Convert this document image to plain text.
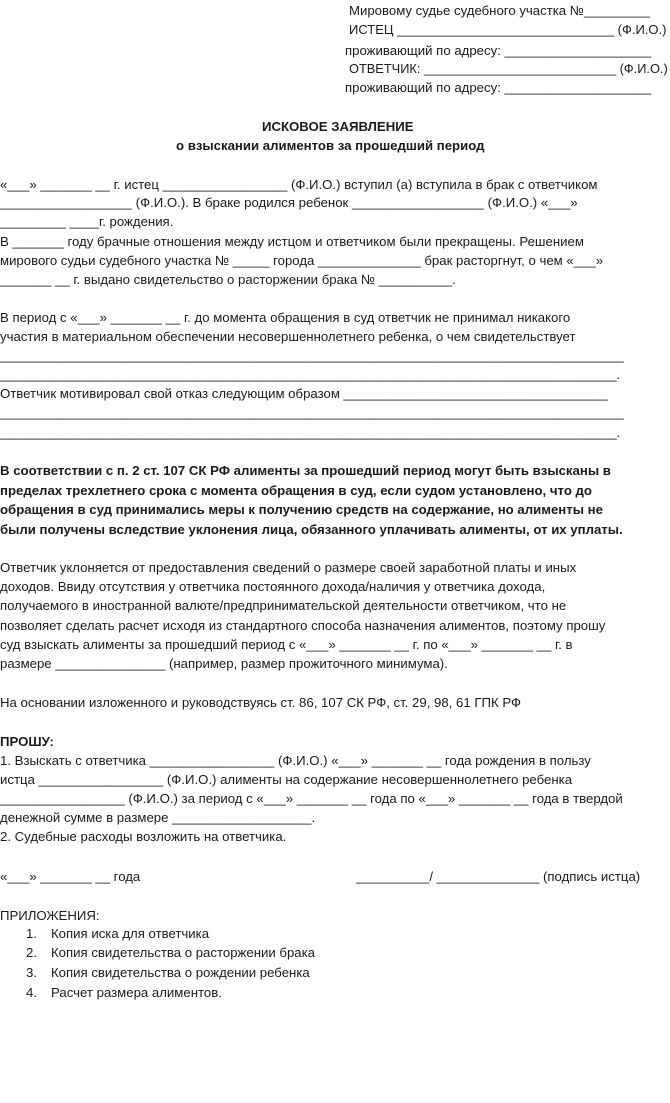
Мировому судье судебного участка №_________
ИСТЕЦ ______________________________ (Ф.И.О.)
проживающий по адресу: ____________________
ОТВЕТЧИК: ___________________________ (Ф.И.О.)
проживающий по адресу: ____________________
ИСКОВОЕ ЗАЯВЛЕНИЕ
о взыскании алиментов за прошедший период
«___» _______ __ г. истец _________________ (Ф.И.О.) вступил (а) вступила в брак с ответчиком
__________________ (Ф.И.О.). В браке родился ребенок __________________ (Ф.И.О.) «___»
_________ ____г. рождения.
В _______ году брачные отношения между истцом и ответчиком были прекращены. Решением
мирового судьи судебного участка № _____ города ______________ брак расторгнут, о чем «___»
_______ __ г. выдано свидетельство о расторжении брака № __________.
В период с «___» _______ __ г. до момента обращения в суд ответчик не принимал никакого
участия в материальном обеспечении несовершеннолетнего ребенка, о чем свидетельствует
________________________________________________________________________________________
_______________________________________________________________________________________.
Ответчик мотивировал свой отказ следующим образом ____________________________________
________________________________________________________________________________________
_______________________________________________________________________________________.
В соответствии с п. 2 ст. 107 СК РФ алименты за прошедший период могут быть взысканы в
пределах трехлетнего срока с момента обращения в суд, если судом установлено, что до
обращения в суд принимались меры к получению средств на содержание, но алименты не
были получены вследствие уклонения лица, обязанного уплачивать алименты, от их уплаты.
Ответчик уклоняется от предоставления сведений о размере своей заработной платы и иных
доходов. Ввиду отсутствия у ответчика постоянного дохода/наличия у ответчика дохода,
получаемого в иностранной валюте/предпринимательской деятельности ответчиком, что не
позволяет сделать расчет исходя из стандартного способа назначения алиментов, поэтому прошу
суд взыскать алименты за прошедший период с «___» _______ __ г. по «___» _______ __ г. в
размере _______________ (например, размер прожиточного минимума).
На основании изложенного и руководствуясь ст. 86, 107 СК РФ, ст. 29, 98, 61 ГПК РФ
ПРОШУ:
1. Взыскать с ответчика _________________ (Ф.И.О.) «___» _______ __ года рождения в пользу
истца _________________ (Ф.И.О.) алименты на содержание несовершеннолетнего ребенка
_________________ (Ф.И.О.) за период с «___» _______ __ года по «___» _______ __ года в твердой
денежной сумме в размере ___________________.
2. Судебные расходы возложить на ответчика.
«___» _______ __ года	__________/ ______________ (подпись истца)
ПРИЛОЖЕНИЯ:
1. Копия иска для ответчика
2. Копия свидетельства о расторжении брака
3. Копия свидетельства о рождении ребенка
4. Расчет размера алиментов.
